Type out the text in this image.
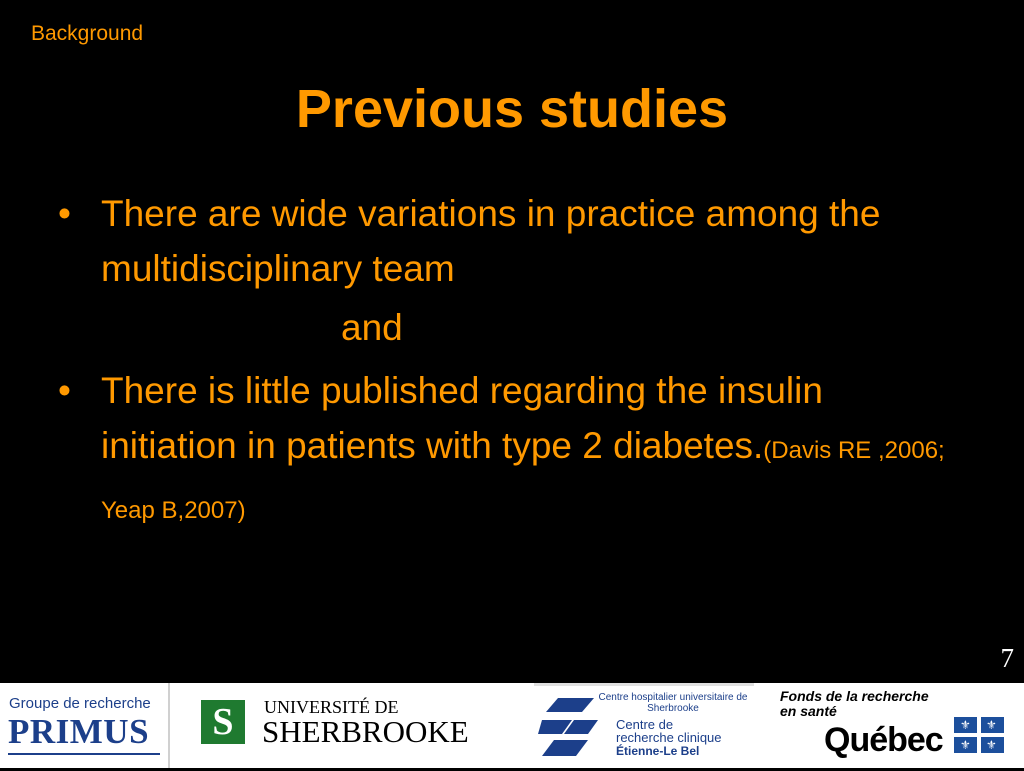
Background
Previous studies
• There are wide variations in practice among the multidisciplinary team
and
• There is little published regarding the insulin initiation in patients with type 2 diabetes.(Davis RE ,2006; Yeap B,2007)
7
Groupe de recherche
PRIMUS	S	UNIVERSITÉ DE
SHERBROOKE
Centre hospitalier universitaire de Sherbrooke
Centre de
recherche clinique
Étienne-Le Bel
Fonds de la recherche
en santé
Québec ⚜ ⚜
⚜ ⚜
